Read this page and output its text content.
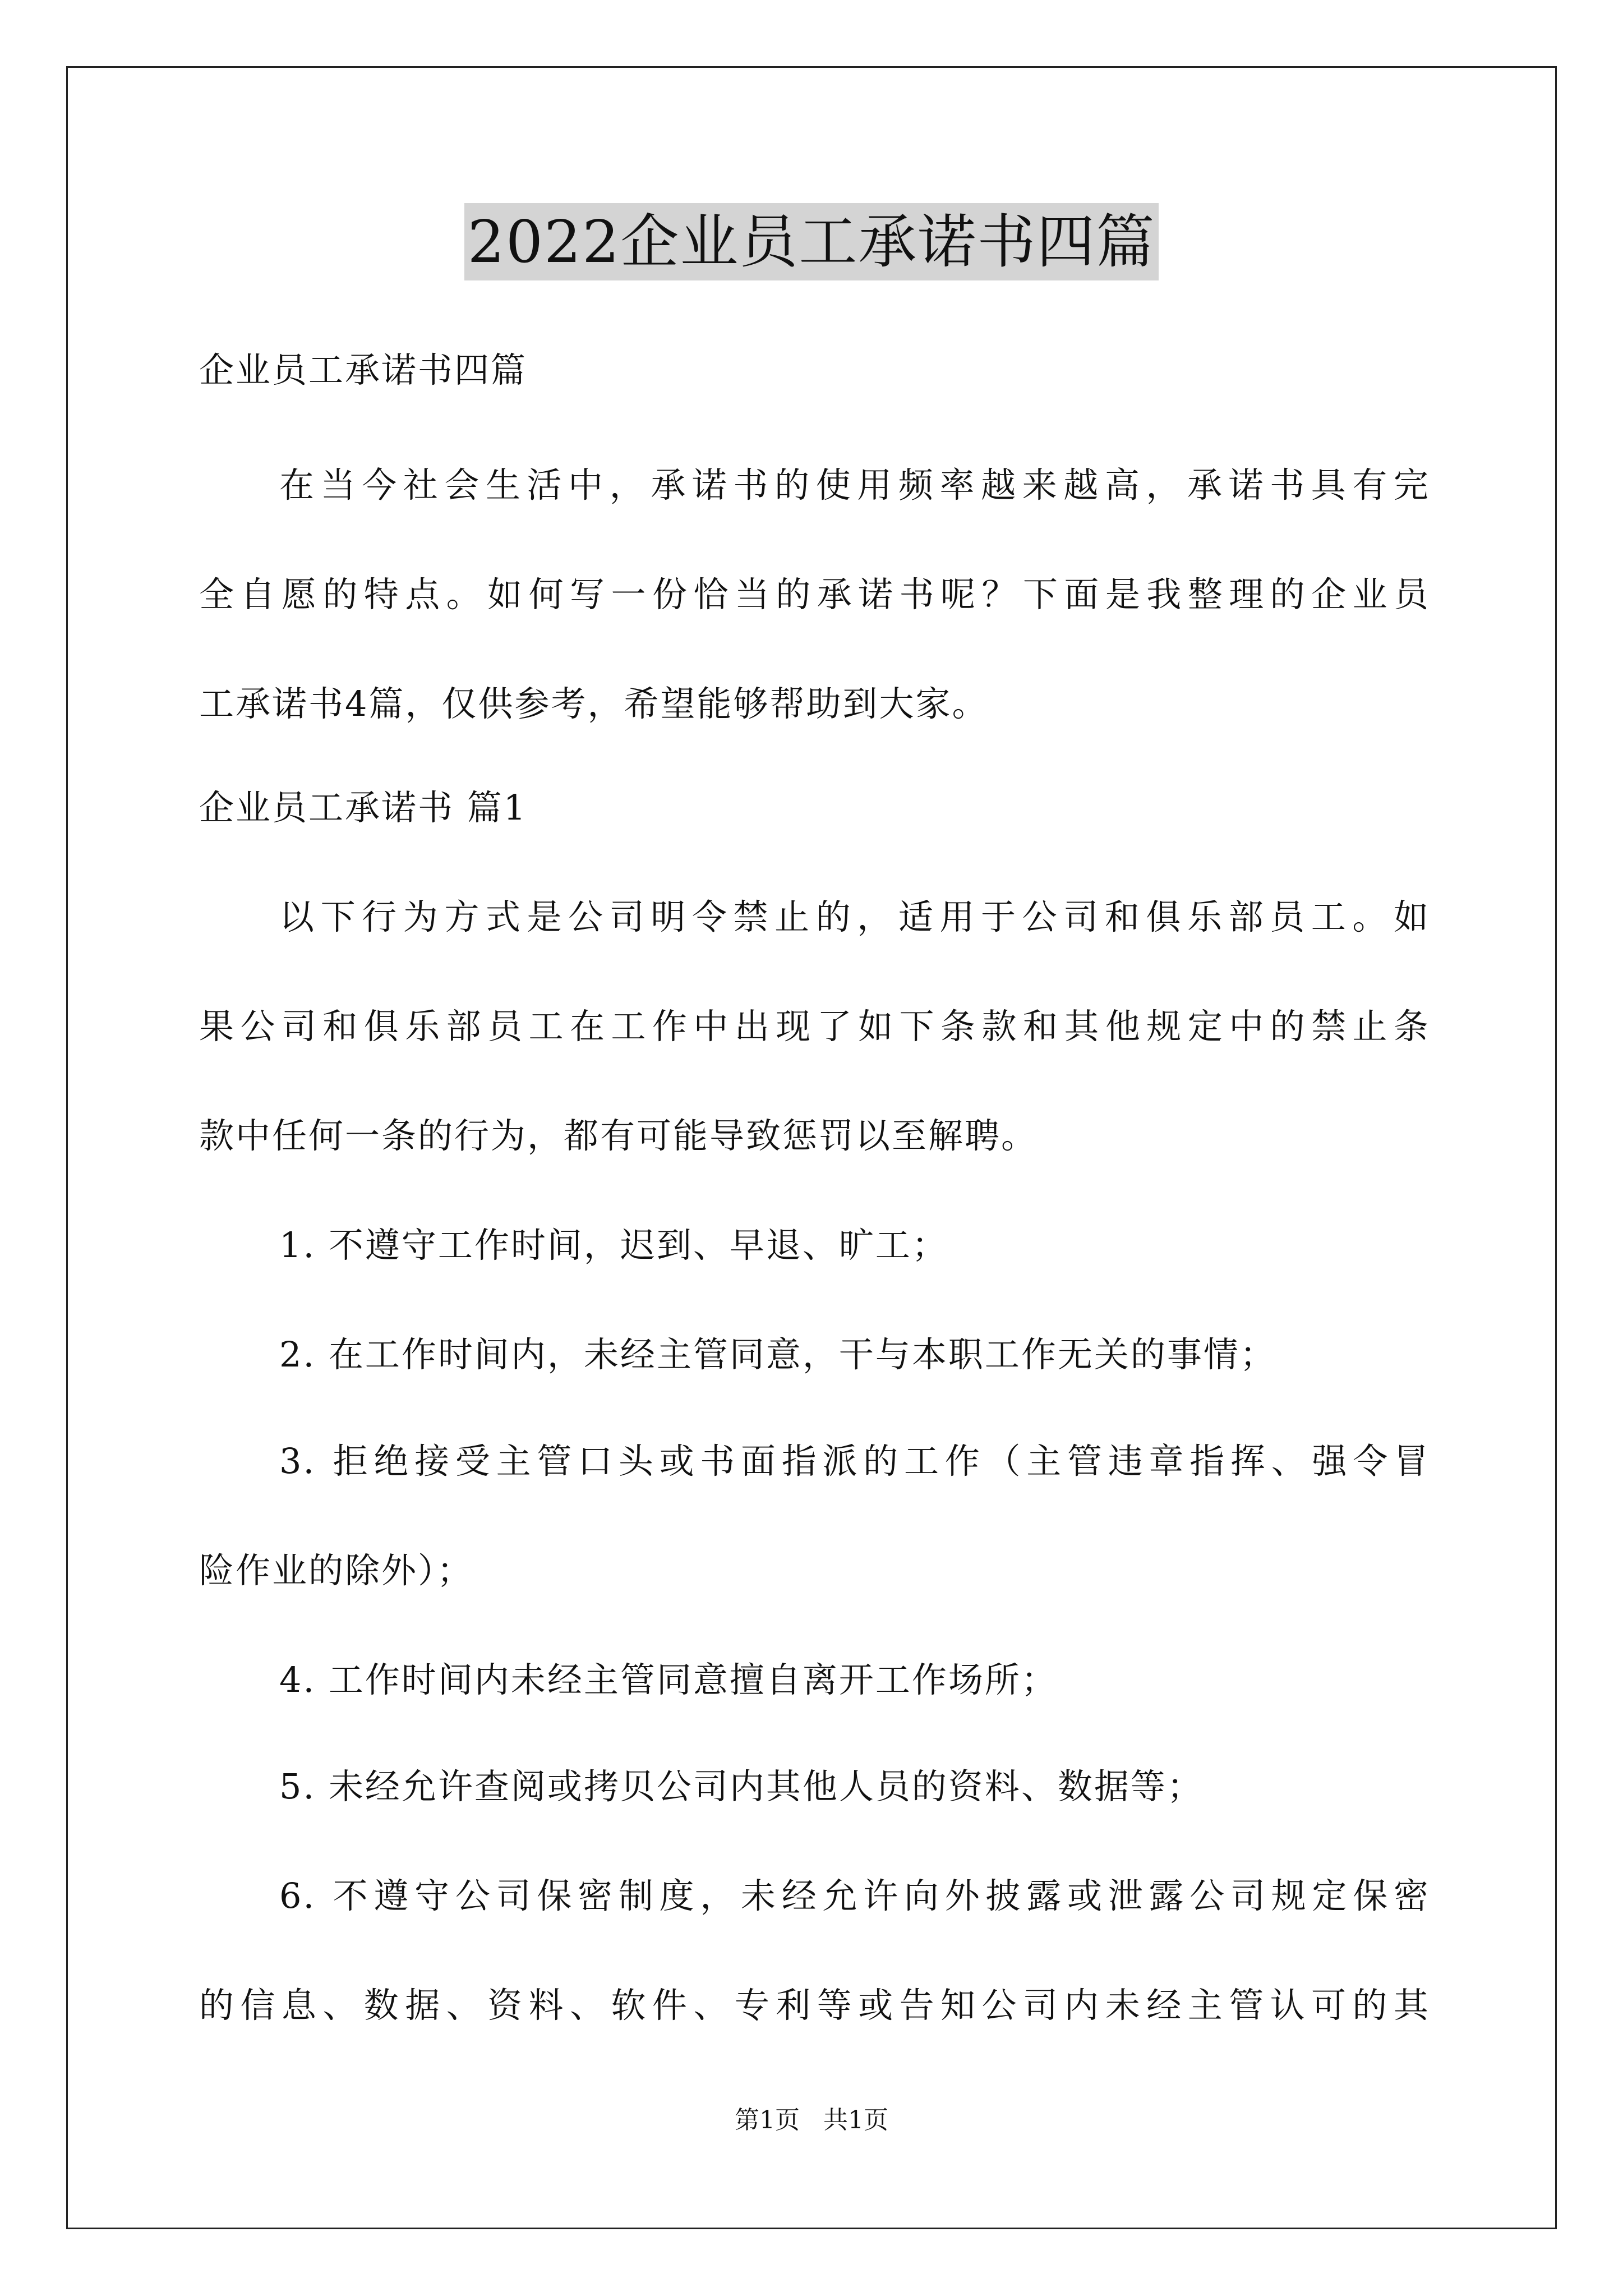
2022企业员工承诺书四篇
企业员工承诺书四篇
在当今社会生活中，承诺书的使用频率越来越高，承诺书具有完
全自愿的特点。如何写一份恰当的承诺书呢？下面是我整理的企业员
工承诺书4篇，仅供参考，希望能够帮助到大家。
企业员工承诺书 篇1
以下行为方式是公司明令禁止的，适用于公司和俱乐部员工。如
果公司和俱乐部员工在工作中出现了如下条款和其他规定中的禁止条
款中任何一条的行为，都有可能导致惩罚以至解聘。
1. 不遵守工作时间，迟到、早退、旷工；
2. 在工作时间内，未经主管同意，干与本职工作无关的事情；
3. 拒绝接受主管口头或书面指派的工作（主管违章指挥、强令冒
险作业的除外）；
4. 工作时间内未经主管同意擅自离开工作场所；
5. 未经允许查阅或拷贝公司内其他人员的资料、数据等；
6. 不遵守公司保密制度，未经允许向外披露或泄露公司规定保密
的信息、数据、资料、软件、专利等或告知公司内未经主管认可的其
第1页 共1页
